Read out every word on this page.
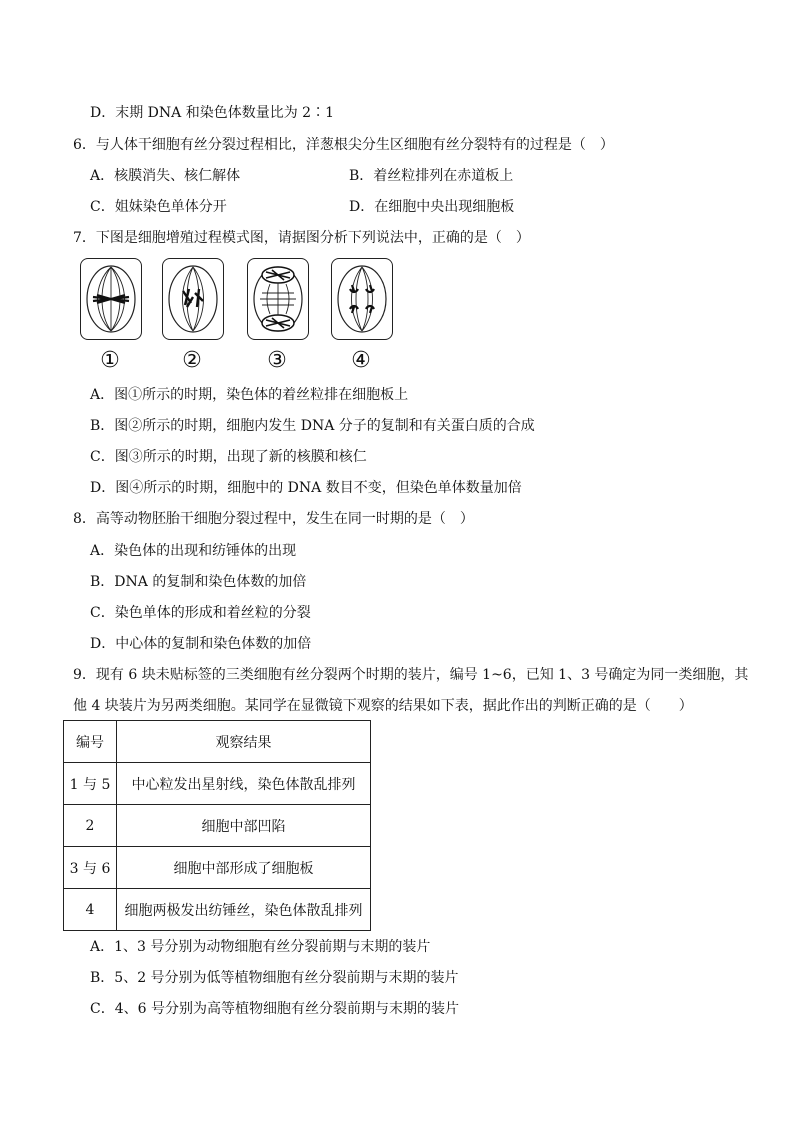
D．末期 DNA 和染色体数量比为 2∶1
6．与人体干细胞有丝分裂过程相比，洋葱根尖分生区细胞有丝分裂特有的过程是（　）
A．核膜消失、核仁解体	B．着丝粒排列在赤道板上
C．姐妹染色单体分开	D．在细胞中央出现细胞板
7．下图是细胞增殖过程模式图，请据图分析下列说法中，正确的是（　）
①	②	③	④
A．图①所示的时期，染色体的着丝粒排在细胞板上
B．图②所示的时期，细胞内发生 DNA 分子的复制和有关蛋白质的合成
C．图③所示的时期，出现了新的核膜和核仁
D．图④所示的时期，细胞中的 DNA 数目不变，但染色单体数量加倍
8．高等动物胚胎干细胞分裂过程中，发生在同一时期的是（　）
A．染色体的出现和纺锤体的出现
B．DNA 的复制和染色体数的加倍
C．染色单体的形成和着丝粒的分裂
D．中心体的复制和染色体数的加倍
9．现有 6 块未贴标签的三类细胞有丝分裂两个时期的装片，编号 1~6，已知 1、3 号确定为同一类细胞，其
他 4 块装片为另两类细胞。某同学在显微镜下观察的结果如下表，据此作出的判断正确的是（　　）
编号	观察结果
1 与 5	中心粒发出星射线，染色体散乱排列
2	细胞中部凹陷
3 与 6	细胞中部形成了细胞板
4	细胞两极发出纺锤丝，染色体散乱排列
A．1、3 号分别为动物细胞有丝分裂前期与末期的装片
B．5、2 号分别为低等植物细胞有丝分裂前期与末期的装片
C．4、6 号分别为高等植物细胞有丝分裂前期与末期的装片
